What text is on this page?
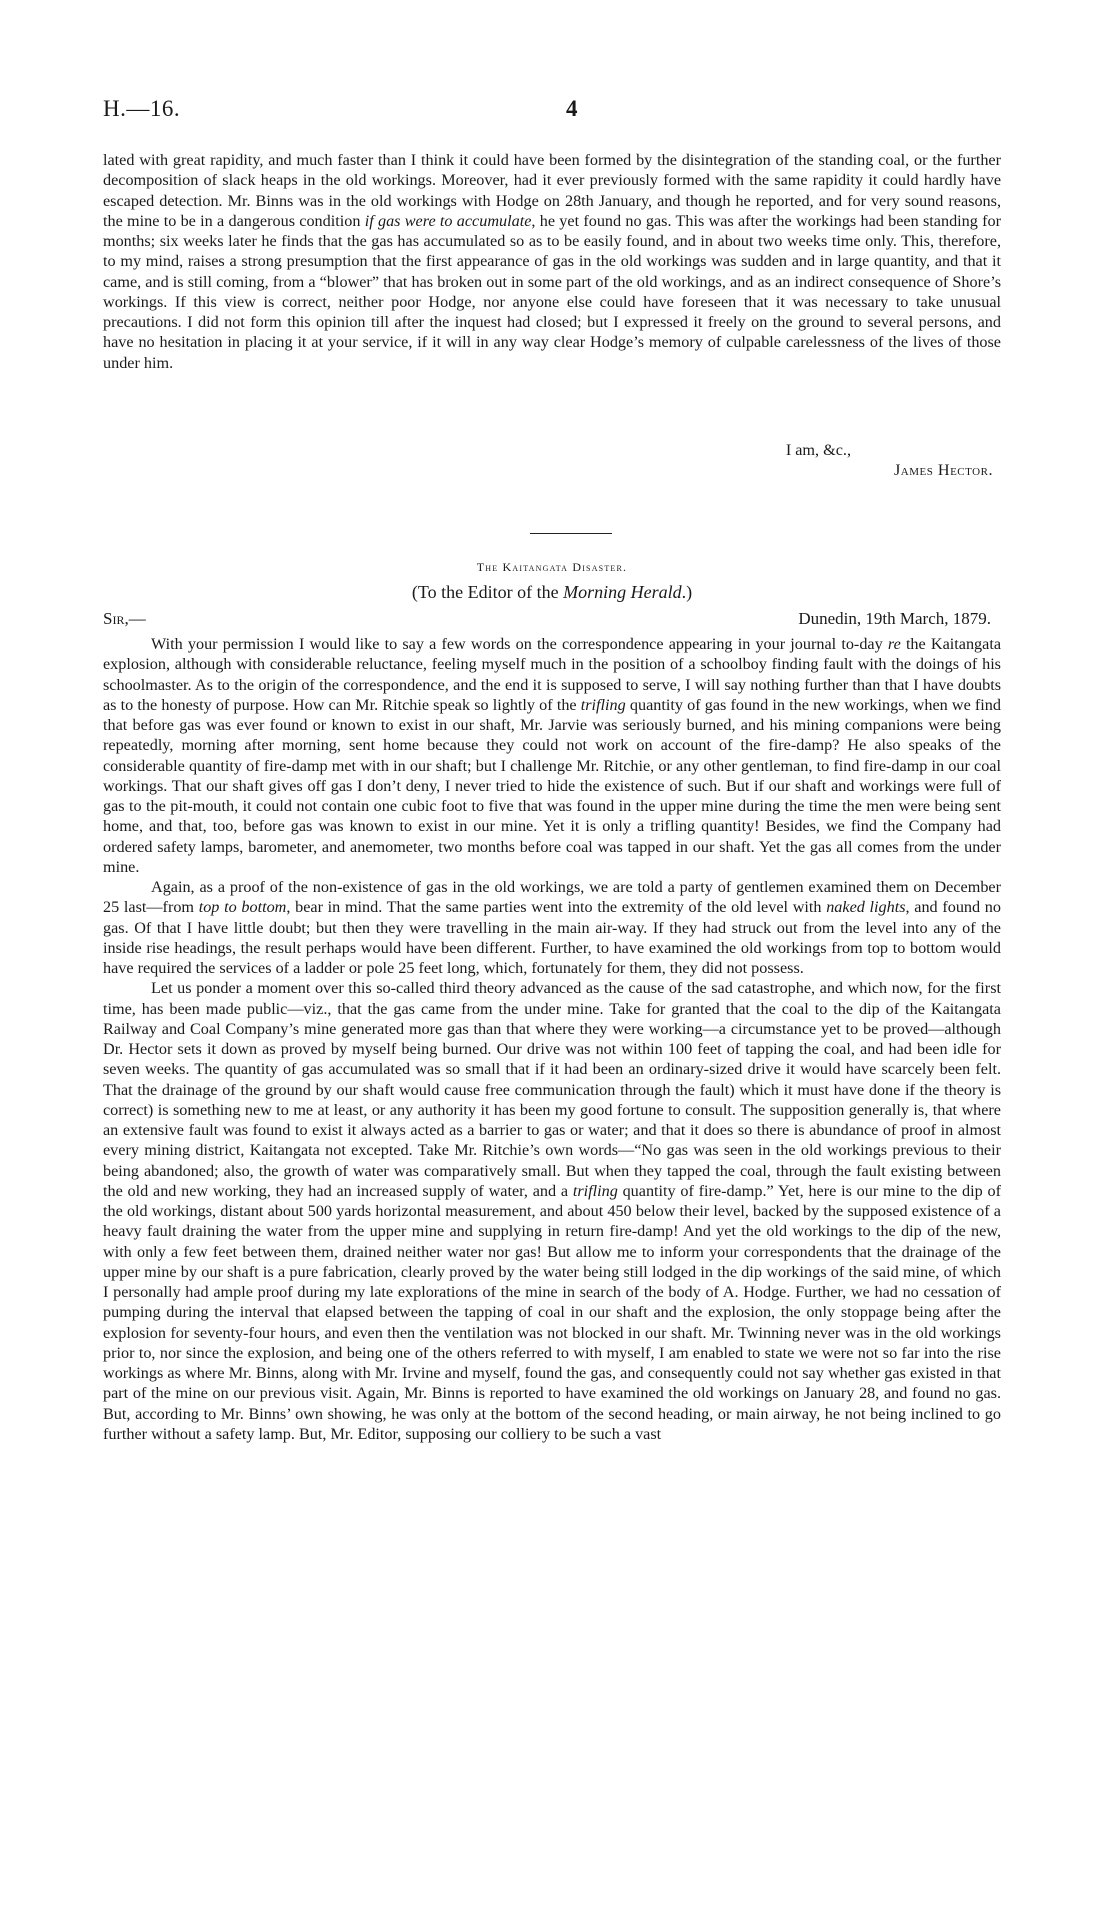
H.—16.	4

lated with great rapidity, and much faster than I think it could have been formed by the disintegration of the standing coal, or the further decomposition of slack heaps in the old workings. Moreover, had it ever previously formed with the same rapidity it could hardly have escaped detection. Mr. Binns was in the old workings with Hodge on 28th January, and though he reported, and for very sound reasons, the mine to be in a dangerous condition if gas were to accumulate, he yet found no gas. This was after the workings had been standing for months; six weeks later he finds that the gas has accumulated so as to be easily found, and in about two weeks time only. This, therefore, to my mind, raises a strong presumption that the first appearance of gas in the old workings was sudden and in large quantity, and that it came, and is still coming, from a “blower” that has broken out in some part of the old workings, and as an indirect consequence of Shore’s workings. If this view is correct, neither poor Hodge, nor anyone else could have foreseen that it was necessary to take unusual precautions. I did not form this opinion till after the inquest had closed; but I expressed it freely on the ground to several persons, and have no hesitation in placing it at your service, if it will in any way clear Hodge’s memory of culpable carelessness of the lives of those under him.

I am, &c.,
James Hector.
The Kaitangata Disaster.
(To the Editor of the Morning Herald.)
Sir,—	Dunedin, 19th March, 1879.

With your permission I would like to say a few words on the correspondence appearing in your journal to-day re the Kaitangata explosion, although with considerable reluctance, feeling myself much in the position of a schoolboy finding fault with the doings of his schoolmaster. As to the origin of the correspondence, and the end it is supposed to serve, I will say nothing further than that I have doubts as to the honesty of purpose. How can Mr. Ritchie speak so lightly of the trifling quantity of gas found in the new workings, when we find that before gas was ever found or known to exist in our shaft, Mr. Jarvie was seriously burned, and his mining companions were being repeatedly, morning after morning, sent home because they could not work on account of the fire-damp? He also speaks of the considerable quantity of fire-damp met with in our shaft; but I challenge Mr. Ritchie, or any other gentleman, to find fire-damp in our coal workings. That our shaft gives off gas I don’t deny, I never tried to hide the existence of such. But if our shaft and workings were full of gas to the pit-mouth, it could not contain one cubic foot to five that was found in the upper mine during the time the men were being sent home, and that, too, before gas was known to exist in our mine. Yet it is only a trifling quantity! Besides, we find the Company had ordered safety lamps, barometer, and anemometer, two months before coal was tapped in our shaft. Yet the gas all comes from the under mine.

Again, as a proof of the non-existence of gas in the old workings, we are told a party of gentlemen examined them on December 25 last—from top to bottom, bear in mind. That the same parties went into the extremity of the old level with naked lights, and found no gas. Of that I have little doubt; but then they were travelling in the main air-way. If they had struck out from the level into any of the inside rise headings, the result perhaps would have been different. Further, to have examined the old workings from top to bottom would have required the services of a ladder or pole 25 feet long, which, fortunately for them, they did not possess.

Let us ponder a moment over this so-called third theory advanced as the cause of the sad catastrophe, and which now, for the first time, has been made public—viz., that the gas came from the under mine. Take for granted that the coal to the dip of the Kaitangata Railway and Coal Company’s mine generated more gas than that where they were working—a circumstance yet to be proved—although Dr. Hector sets it down as proved by myself being burned. Our drive was not within 100 feet of tapping the coal, and had been idle for seven weeks. The quantity of gas accumulated was so small that if it had been an ordinary-sized drive it would have scarcely been felt. That the drainage of the ground by our shaft would cause free communication through the fault) which it must have done if the theory is correct) is something new to me at least, or any authority it has been my good fortune to consult. The supposition generally is, that where an extensive fault was found to exist it always acted as a barrier to gas or water; and that it does so there is abundance of proof in almost every mining district, Kaitangata not excepted. Take Mr. Ritchie’s own words—“No gas was seen in the old workings previous to their being abandoned; also, the growth of water was comparatively small. But when they tapped the coal, through the fault existing between the old and new working, they had an increased supply of water, and a trifling quantity of fire-damp.” Yet, here is our mine to the dip of the old workings, distant about 500 yards horizontal measurement, and about 450 below their level, backed by the supposed existence of a heavy fault draining the water from the upper mine and supplying in return fire-damp! And yet the old workings to the dip of the new, with only a few feet between them, drained neither water nor gas! But allow me to inform your correspondents that the drainage of the upper mine by our shaft is a pure fabrication, clearly proved by the water being still lodged in the dip workings of the said mine, of which I personally had ample proof during my late explorations of the mine in search of the body of A. Hodge. Further, we had no cessation of pumping during the interval that elapsed between the tapping of coal in our shaft and the explosion, the only stoppage being after the explosion for seventy-four hours, and even then the ventilation was not blocked in our shaft. Mr. Twinning never was in the old workings prior to, nor since the explosion, and being one of the others referred to with myself, I am enabled to state we were not so far into the rise workings as where Mr. Binns, along with Mr. Irvine and myself, found the gas, and consequently could not say whether gas existed in that part of the mine on our previous visit. Again, Mr. Binns is reported to have examined the old workings on January 28, and found no gas. But, according to Mr. Binns’ own showing, he was only at the bottom of the second heading, or main airway, he not being inclined to go further without a safety lamp. But, Mr. Editor, supposing our colliery to be such a vast
